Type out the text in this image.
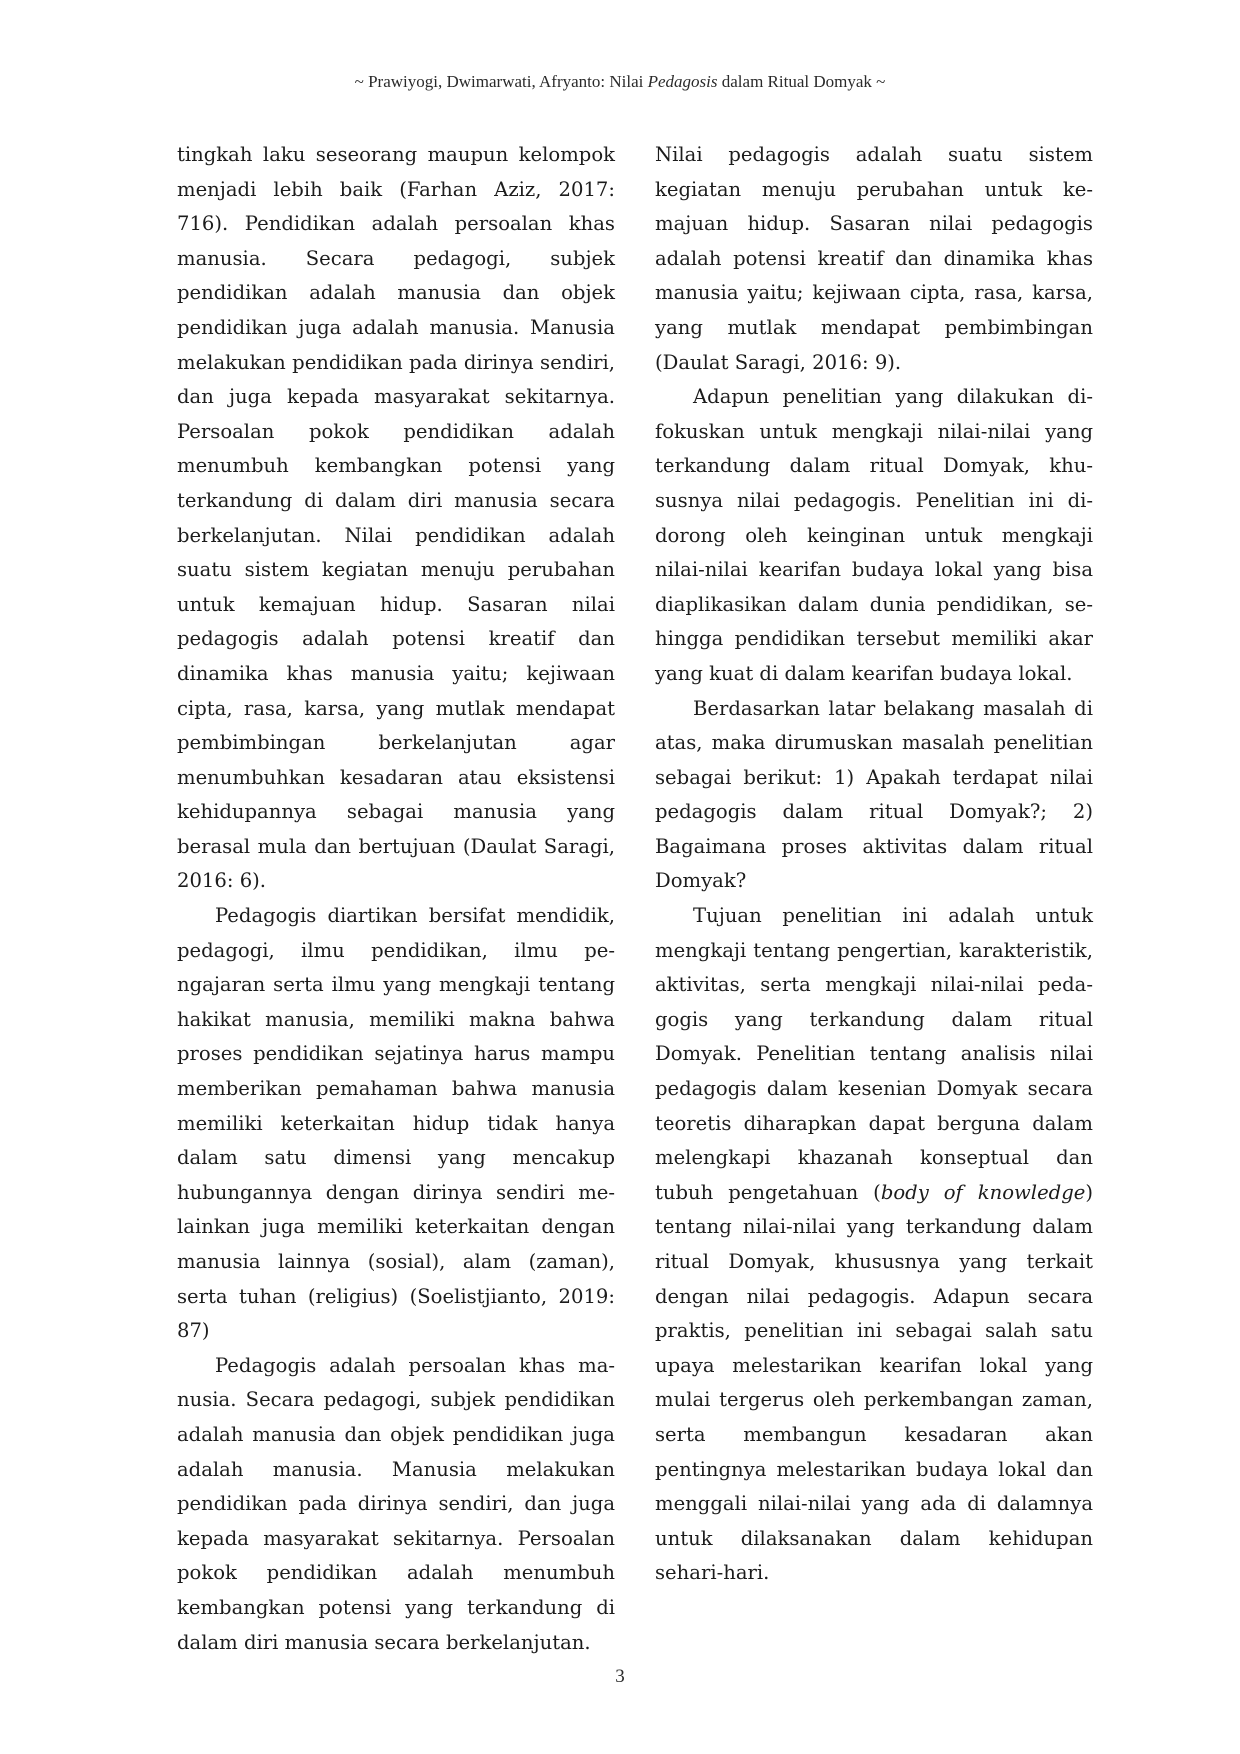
~ Prawiyogi, Dwimarwati, Afryanto: Nilai Pedagosis dalam Ritual Domyak ~

tingkah laku seseorang maupun kelompok menjadi lebih baik (Farhan Aziz, 2017: 716). Pendidikan adalah persoalan khas manusia. Secara pedagogi, subjek pendidikan adalah manusia dan objek pendidikan juga adalah manusia. Manusia melakukan pendidikan pada dirinya sendiri, dan juga kepada masyarakat sekitarnya. Persoalan pokok pendidikan adalah menumbuh kembangkan potensi yang terkandung di dalam diri manusia secara berkelanjutan. Nilai pendidikan adalah suatu sistem kegiatan menuju perubahan untuk kemajuan hidup. Sasaran nilai pedagogis adalah potensi kreatif dan dinamika khas manusia yaitu; kejiwaan cipta, rasa, karsa, yang mutlak mendapat pembimbingan berkelanjutan agar menumbuhkan kesadaran atau eksistensi kehidupannya sebagai manusia yang berasal mula dan bertujuan (Daulat Saragi, 2016: 6).

Pedagogis diartikan bersifat mendidik, pedagogi, ilmu pendidikan, ilmu pengajaran serta ilmu yang mengkaji tentang hakikat manusia, memiliki makna bahwa proses pendidikan sejatinya harus mampu memberikan pemahaman bahwa manusia memiliki keterkaitan hidup tidak hanya dalam satu dimensi yang mencakup hubungannya dengan dirinya sendiri melainkan juga memiliki keterkaitan dengan manusia lainnya (sosial), alam (zaman), serta tuhan (religius) (Soelistjianto, 2019: 87)

Pedagogis adalah persoalan khas manusia. Secara pedagogi, subjek pendidikan adalah manusia dan objek pendidikan juga adalah manusia. Manusia melakukan pendidikan pada dirinya sendiri, dan juga kepada masyarakat sekitarnya. Persoalan pokok pendidikan adalah menumbuh kembangkan potensi yang terkandung di dalam diri manusia secara berkelanjutan.

Nilai pedagogis adalah suatu sistem kegiatan menuju perubahan untuk kemajuan hidup. Sasaran nilai pedagogis adalah potensi kreatif dan dinamika khas manusia yaitu; kejiwaan cipta, rasa, karsa, yang mutlak mendapat pembimbingan (Daulat Saragi, 2016: 9).

Adapun penelitian yang dilakukan difokuskan untuk mengkaji nilai-nilai yang terkandung dalam ritual Domyak, khususnya nilai pedagogis. Penelitian ini didorong oleh keinginan untuk mengkaji nilai-nilai kearifan budaya lokal yang bisa diaplikasikan dalam dunia pendidikan, sehingga pendidikan tersebut memiliki akar yang kuat di dalam kearifan budaya lokal.

Berdasarkan latar belakang masalah di atas, maka dirumuskan masalah penelitian sebagai berikut: 1) Apakah terdapat nilai pedagogis dalam ritual Domyak?; 2) Bagaimana proses aktivitas dalam ritual Domyak?

Tujuan penelitian ini adalah untuk mengkaji tentang pengertian, karakteristik, aktivitas, serta mengkaji nilai-nilai pedagogis yang terkandung dalam ritual Domyak. Penelitian tentang analisis nilai pedagogis dalam kesenian Domyak secara teoretis diharapkan dapat berguna dalam melengkapi khazanah konseptual dan tubuh pengetahuan (body of knowledge) tentang nilai-nilai yang terkandung dalam ritual Domyak, khususnya yang terkait dengan nilai pedagogis. Adapun secara praktis, penelitian ini sebagai salah satu upaya melestarikan kearifan lokal yang mulai tergerus oleh perkembangan zaman, serta membangun kesadaran akan pentingnya melestarikan budaya lokal dan menggali nilai-nilai yang ada di dalamnya untuk dilaksanakan dalam kehidupan sehari-hari.

3
